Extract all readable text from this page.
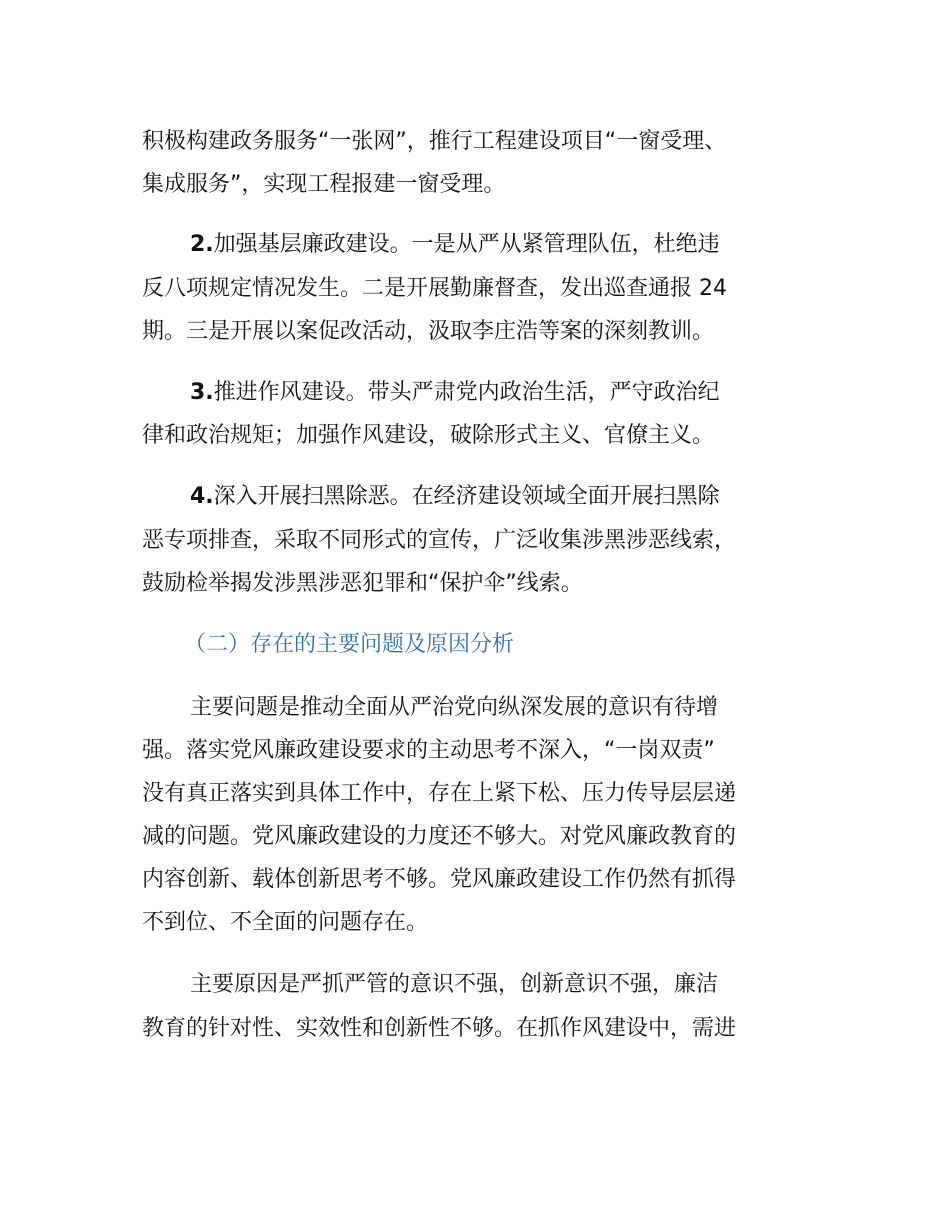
积极构建政务服务“一张网”，推行工程建设项目“一窗受理、
集成服务”，实现工程报建一窗受理。
2.加强基层廉政建设。一是从严从紧管理队伍，杜绝违
反八项规定情况发生。二是开展勤廉督查，发出巡查通报 24
期。三是开展以案促改活动，汲取李庄浩等案的深刻教训。
3.推进作风建设。带头严肃党内政治生活，严守政治纪
律和政治规矩；加强作风建设，破除形式主义、官僚主义。
4.深入开展扫黑除恶。在经济建设领域全面开展扫黑除
恶专项排查，采取不同形式的宣传，广泛收集涉黑涉恶线索，
鼓励检举揭发涉黑涉恶犯罪和“保护伞”线索。
（二）存在的主要问题及原因分析
主要问题是推动全面从严治党向纵深发展的意识有待增
强。落实党风廉政建设要求的主动思考不深入，“一岗双责”
没有真正落实到具体工作中，存在上紧下松、压力传导层层递
减的问题。党风廉政建设的力度还不够大。对党风廉政教育的
内容创新、载体创新思考不够。党风廉政建设工作仍然有抓得
不到位、不全面的问题存在。
主要原因是严抓严管的意识不强，创新意识不强，廉洁
教育的针对性、实效性和创新性不够。在抓作风建设中，需进
